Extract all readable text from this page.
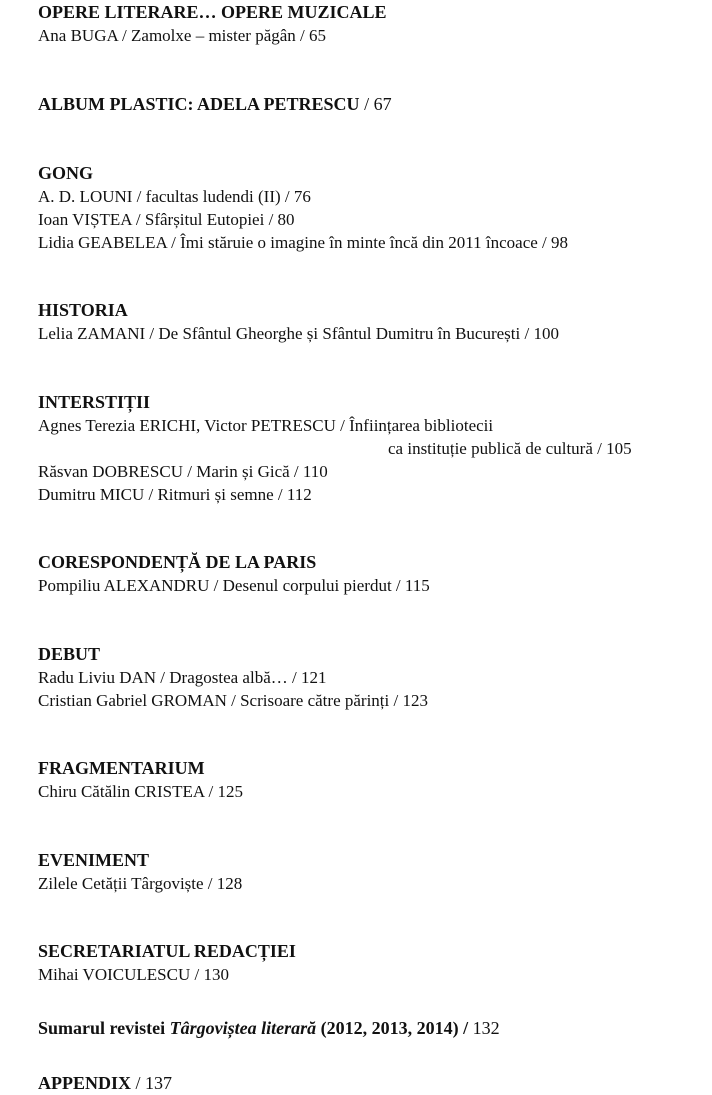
OPERE LITERARE… OPERE MUZICALE
Ana BUGA / Zamolxe – mister păgân / 65
ALBUM PLASTIC: ADELA PETRESCU / 67
GONG
A. D. LOUNI / facultas ludendi (II) / 76
Ioan VIȘTEA / Sfârșitul Eutopiei / 80
Lidia GEABELEA / Îmi stăruie o imagine în minte încă din 2011 încoace / 98
HISTORIA
Lelia ZAMANI / De Sfântul Gheorghe și Sfântul Dumitru în București / 100
INTERSTIȚII
Agnes Terezia ERICHI, Victor PETRESCU / Înființarea bibliotecii
ca instituție publică de cultură / 105
Răsvan DOBRESCU / Marin și Gică / 110
Dumitru MICU / Ritmuri și semne / 112
CORESPONDENȚĂ DE LA PARIS
Pompiliu ALEXANDRU / Desenul corpului pierdut / 115
DEBUT
Radu Liviu DAN / Dragostea albă… / 121
Cristian Gabriel GROMAN / Scrisoare către părinți / 123
FRAGMENTARIUM
Chiru Cătălin CRISTEA / 125
EVENIMENT
Zilele Cetății Târgoviște / 128
SECRETARIATUL REDACȚIEI
Mihai VOICULESCU / 130
Sumarul revistei Târgoviștea literară (2012, 2013, 2014) / 132
APPENDIX / 137
